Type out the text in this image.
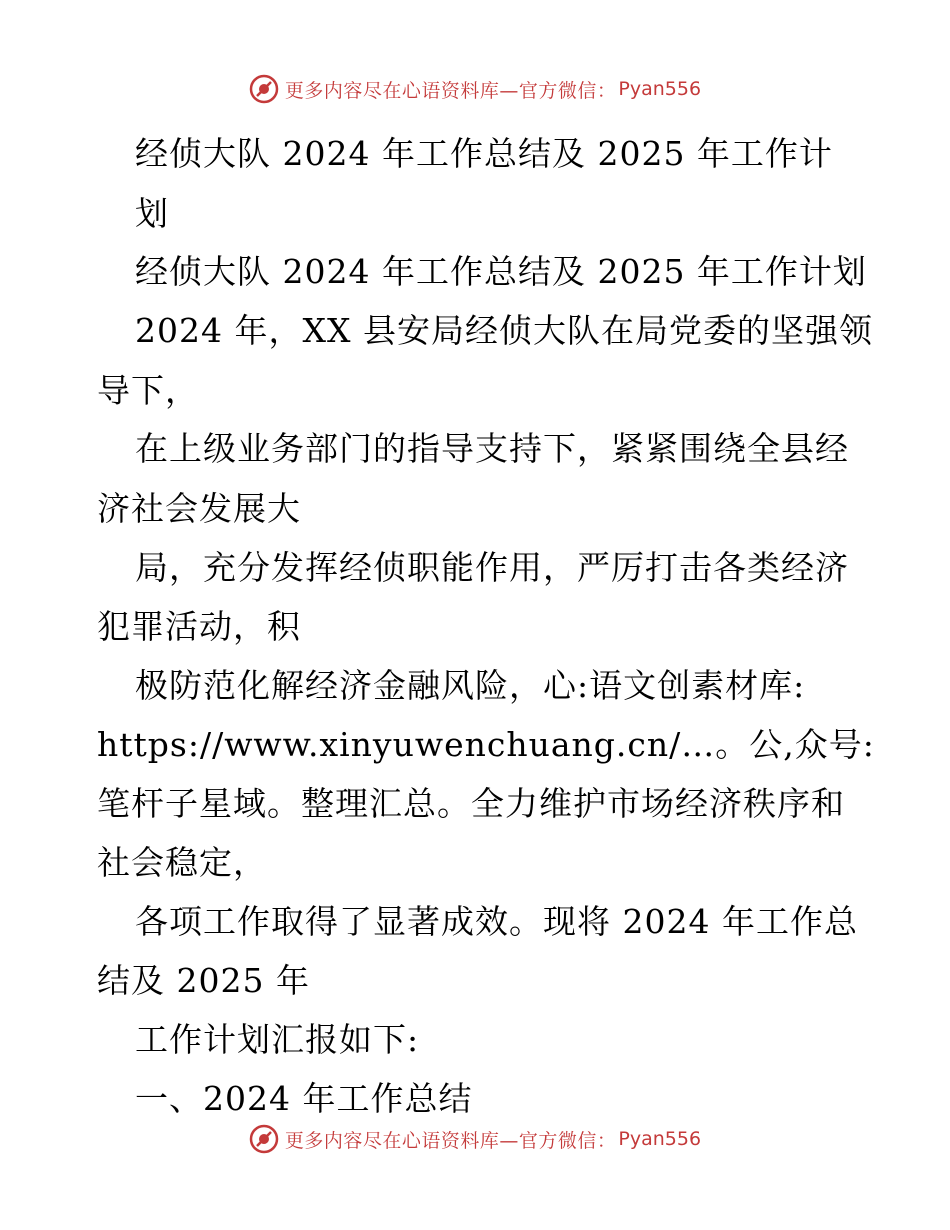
更多内容尽在心语资料库—官方微信： Pyan556
经侦大队 2024 年工作总结及 2025 年工作计
划
经侦大队 2024 年工作总结及 2025 年工作计划
2024 年，XX 县安局经侦大队在局党委的坚强领
导下，
在上级业务部门的指导支持下，紧紧围绕全县经
济社会发展大
局，充分发挥经侦职能作用，严厉打击各类经济
犯罪活动，积
极防范化解经济金融风险，心:语文创素材库:
https://www.xinyuwenchuang.cn/…。公,众号:
笔杆子星域。整理汇总。全力维护市场经济秩序和
社会稳定，
各项工作取得了显著成效。现将 2024 年工作总
结及 2025 年
工作计划汇报如下:
一、2024 年工作总结
更多内容尽在心语资料库—官方微信： Pyan556
